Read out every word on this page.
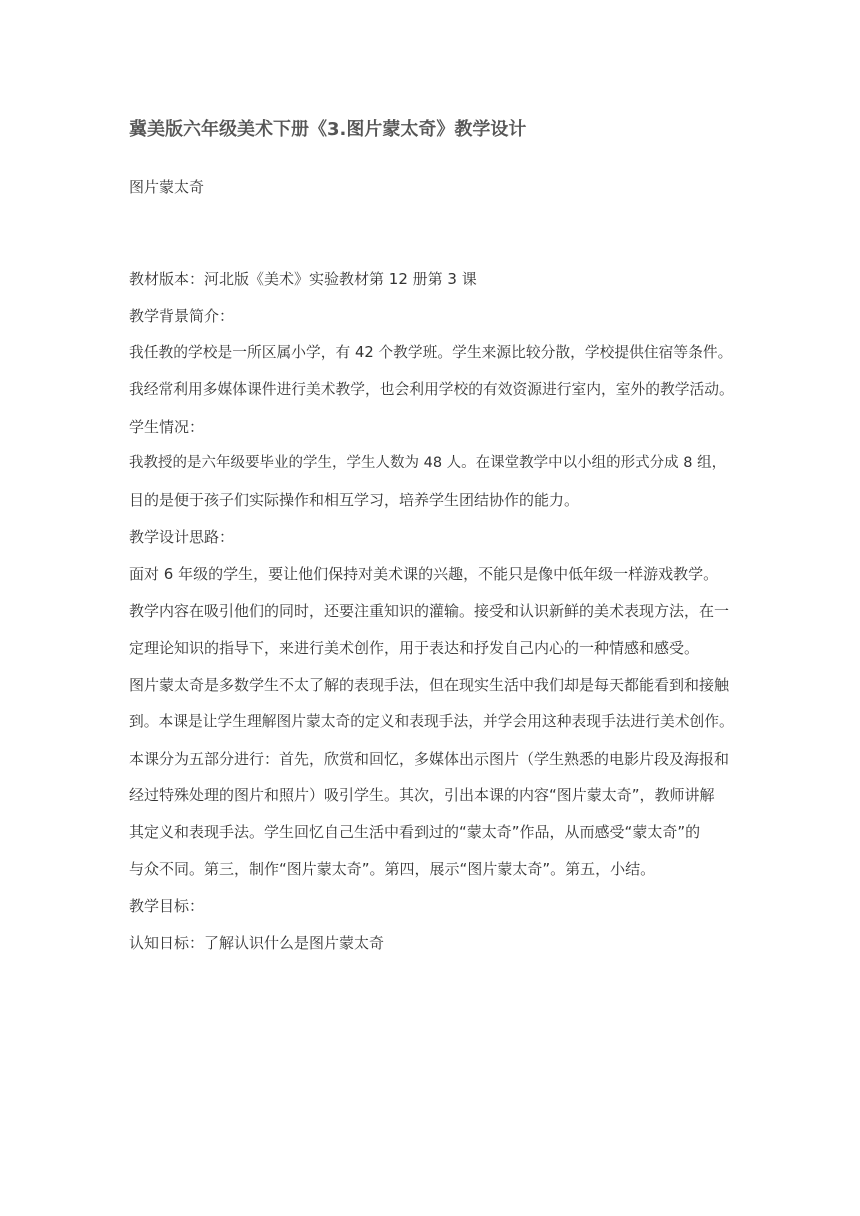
冀美版六年级美术下册《3.图片蒙太奇》教学设计

图片蒙太奇

教材版本：河北版《美术》实验教材第 12 册第 3 课
教学背景简介：
我任教的学校是一所区属小学，有 42 个教学班。学生来源比较分散，学校提供住宿等条件。
我经常利用多媒体课件进行美术教学，也会利用学校的有效资源进行室内，室外的教学活动。
学生情况：
我教授的是六年级要毕业的学生，学生人数为 48 人。在课堂教学中以小组的形式分成 8 组，
目的是便于孩子们实际操作和相互学习，培养学生团结协作的能力。
教学设计思路：
面对 6 年级的学生，要让他们保持对美术课的兴趣，不能只是像中低年级一样游戏教学。
教学内容在吸引他们的同时，还要注重知识的灌输。接受和认识新鲜的美术表现方法，在一
定理论知识的指导下，来进行美术创作，用于表达和抒发自己内心的一种情感和感受。
图片蒙太奇是多数学生不太了解的表现手法，但在现实生活中我们却是每天都能看到和接触
到。本课是让学生理解图片蒙太奇的定义和表现手法，并学会用这种表现手法进行美术创作。
本课分为五部分进行：首先，欣赏和回忆，多媒体出示图片（学生熟悉的电影片段及海报和
经过特殊处理的图片和照片）吸引学生。其次，引出本课的内容“图片蒙太奇”，教师讲解
其定义和表现手法。学生回忆自己生活中看到过的“蒙太奇”作品，从而感受“蒙太奇”的
与众不同。第三，制作“图片蒙太奇”。第四，展示“图片蒙太奇”。第五，小结。
教学目标：
认知日标：了解认识什么是图片蒙太奇
